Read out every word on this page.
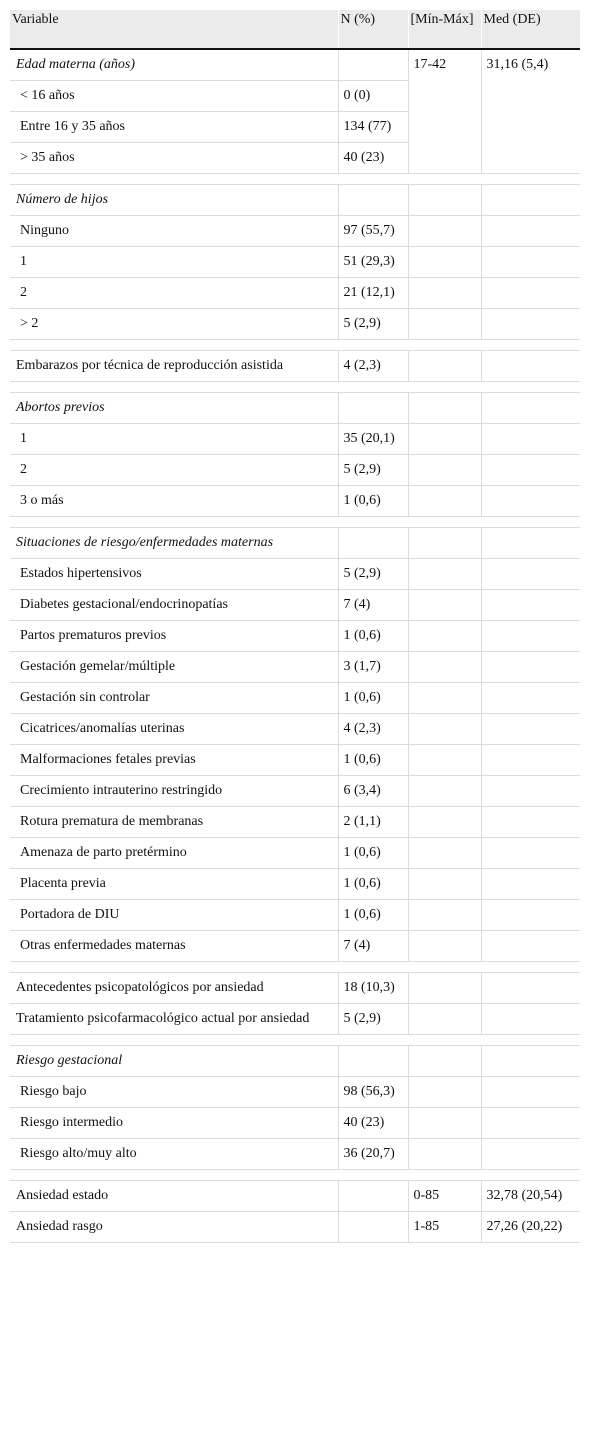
Variable	N (%)	[Mín-Máx]	Med (DE)
Edad materna (años)		17-42	31,16 (5,4)
< 16 años	0 (0)		
Entre 16 y 35 años	134 (77)		
> 35 años	40 (23)		

Número de hijos			
Ninguno	97 (55,7)		
1	51 (29,3)		
2	21 (12,1)		
> 2	5 (2,9)		

Embarazos por técnica de reproducción asistida	4 (2,3)		

Abortos previos			
1	35 (20,1)		
2	5 (2,9)		
3 o más	1 (0,6)		

Situaciones de riesgo/enfermedades maternas			
Estados hipertensivos	5 (2,9)		
Diabetes gestacional/endocrinopatías	7 (4)		
Partos prematuros previos	1 (0,6)		
Gestación gemelar/múltiple	3 (1,7)		
Gestación sin controlar	1 (0,6)		
Cicatrices/anomalías uterinas	4 (2,3)		
Malformaciones fetales previas	1 (0,6)		
Crecimiento intrauterino restringido	6 (3,4)		
Rotura prematura de membranas	2 (1,1)		
Amenaza de parto pretérmino	1 (0,6)		
Placenta previa	1 (0,6)		
Portadora de DIU	1 (0,6)		
Otras enfermedades maternas	7 (4)		

Antecedentes psicopatológicos por ansiedad	18 (10,3)		
Tratamiento psicofarmacológico actual por ansiedad	5 (2,9)		

Riesgo gestacional			
Riesgo bajo	98 (56,3)		
Riesgo intermedio	40 (23)		
Riesgo alto/muy alto	36 (20,7)		

Ansiedad estado		0-85	32,78 (20,54)
Ansiedad rasgo		1-85	27,26 (20,22)
